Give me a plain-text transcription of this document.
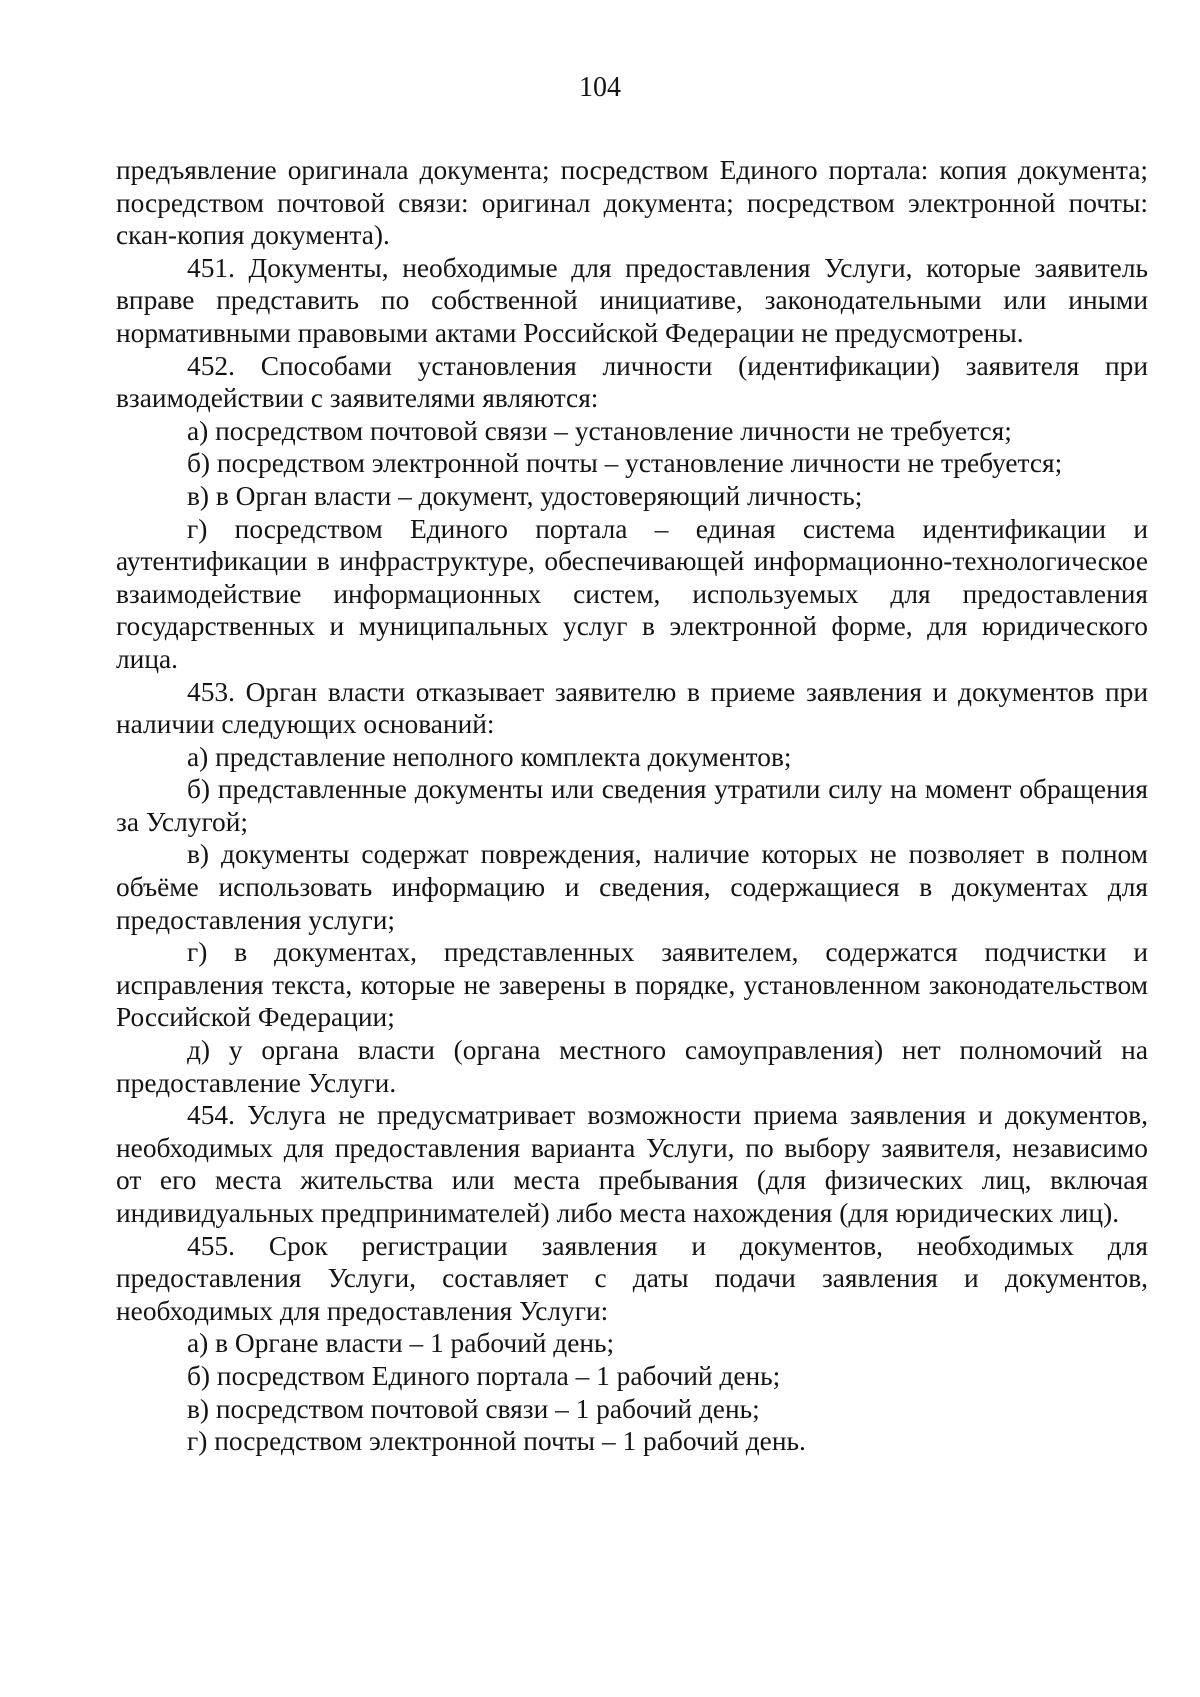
104

предъявление оригинала документа; посредством Единого портала: копия документа; посредством почтовой связи: оригинал документа; посредством электронной почты: скан-копия документа).

451. Документы, необходимые для предоставления Услуги, которые заявитель вправе представить по собственной инициативе, законодательными или иными нормативными правовыми актами Российской Федерации не предусмотрены.

452. Способами установления личности (идентификации) заявителя при взаимодействии с заявителями являются:

а) посредством почтовой связи – установление личности не требуется;

б) посредством электронной почты – установление личности не требуется;

в) в Орган власти – документ, удостоверяющий личность;

г) посредством Единого портала – единая система идентификации и аутентификации в инфраструктуре, обеспечивающей информационно-технологическое взаимодействие информационных систем, используемых для предоставления государственных и муниципальных услуг в электронной форме, для юридического лица.

453. Орган власти отказывает заявителю в приеме заявления и документов при наличии следующих оснований:

а) представление неполного комплекта документов;

б) представленные документы или сведения утратили силу на момент обращения за Услугой;

в) документы содержат повреждения, наличие которых не позволяет в полном объёме использовать информацию и сведения, содержащиеся в документах для предоставления услуги;

г) в документах, представленных заявителем, содержатся подчистки и исправления текста, которые не заверены в порядке, установленном законодательством Российской Федерации;

д) у органа власти (органа местного самоуправления) нет полномочий на предоставление Услуги.

454. Услуга не предусматривает возможности приема заявления и документов, необходимых для предоставления варианта Услуги, по выбору заявителя, независимо от его места жительства или места пребывания (для физических лиц, включая индивидуальных предпринимателей) либо места нахождения (для юридических лиц).

455. Срок регистрации заявления и документов, необходимых для предоставления Услуги, составляет с даты подачи заявления и документов, необходимых для предоставления Услуги:

а) в Органе власти – 1 рабочий день;

б) посредством Единого портала – 1 рабочий день;

в) посредством почтовой связи – 1 рабочий день;

г) посредством электронной почты – 1 рабочий день.
